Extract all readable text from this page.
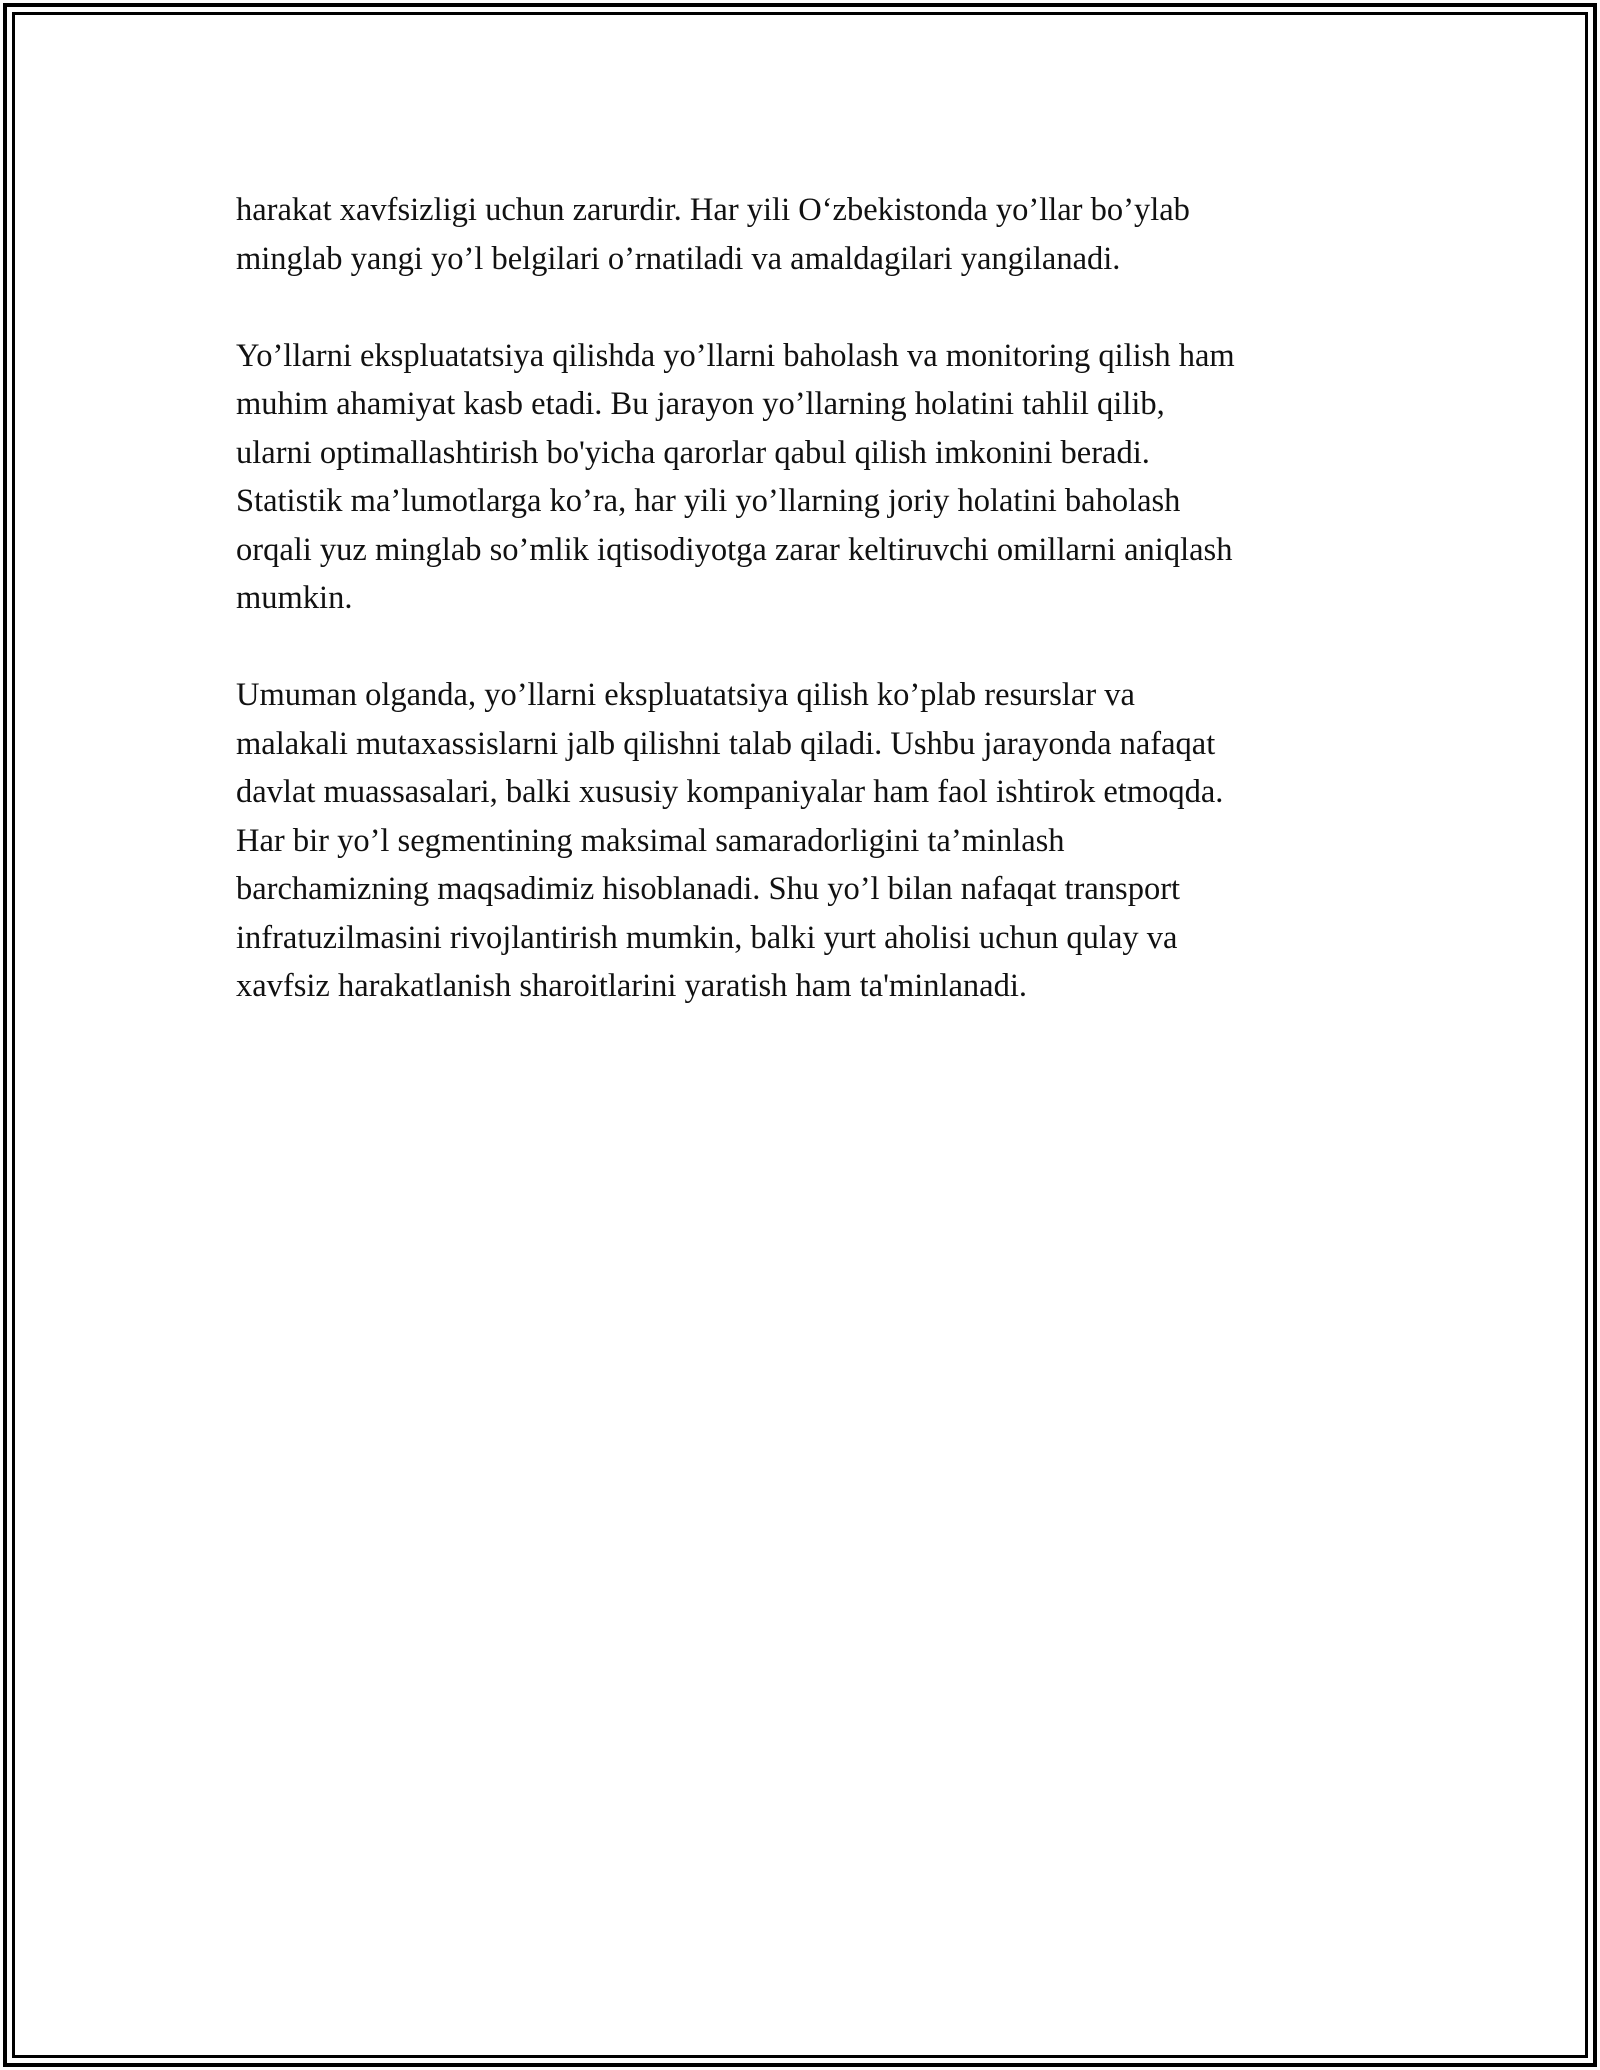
harakat xavfsizligi uchun zarurdir. Har yili O‘zbekistonda yo’llar bo’ylab
minglab yangi yo’l belgilari o’rnatiladi va amaldagilari yangilanadi.

Yo’llarni ekspluatatsiya qilishda yo’llarni baholash va monitoring qilish ham
muhim ahamiyat kasb etadi. Bu jarayon yo’llarning holatini tahlil qilib,
ularni optimallashtirish bo'yicha qarorlar qabul qilish imkonini beradi.
Statistik ma’lumotlarga ko’ra, har yili yo’llarning joriy holatini baholash
orqali yuz minglab so’mlik iqtisodiyotga zarar keltiruvchi omillarni aniqlash
mumkin.

Umuman olganda, yo’llarni ekspluatatsiya qilish ko’plab resurslar va
malakali mutaxassislarni jalb qilishni talab qiladi. Ushbu jarayonda nafaqat
davlat muassasalari, balki xususiy kompaniyalar ham faol ishtirok etmoqda.
Har bir yo’l segmentining maksimal samaradorligini ta’minlash
barchamizning maqsadimiz hisoblanadi. Shu yo’l bilan nafaqat transport
infratuzilmasini rivojlantirish mumkin, balki yurt aholisi uchun qulay va
xavfsiz harakatlanish sharoitlarini yaratish ham ta'minlanadi.
